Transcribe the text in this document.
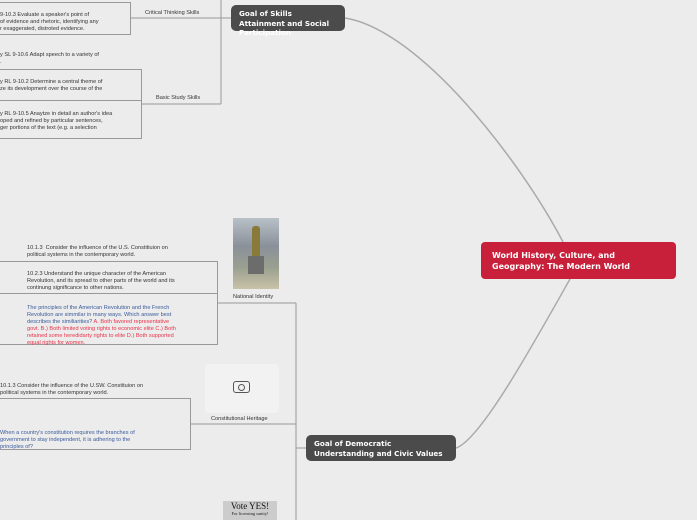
World History, Culture, and Geography: The Modern World
Goal of Skills Attainment and Social Participation
Critical Thinking Skills
9-10.3 Evaluate a speaker's point of
of evidence and rhetoric, identifying any
r exaggerated, distroted evidence.
y SL 9-10.6 Adapt speech to a variety of
.
y RL 9-10.2 Determine a central theme of
ze its development over the course of the
y RL 9-10.5 Anaytze in detail an author's idea
oped and refined by particular sentences,
ger portions of the text (e.g. a selection
Basic Study Skills
Goal of Democratic Understanding and Civic Values
National Identity
10.1.3  Consider the influence of the U.S. Constitiuion on
political systems in the contemporary world.
10.2.3 Understand the unique character of the American
Revolution, and its spread to other parts of the world and its
continung significance to other nations.
The principles of the American Revolution and the French
Revolution are simmilar in many ways. Which answer best
describes the similiarities? A. Both favored representative
govt. B.) Both limited voting rights to economic elite C.) Both
retained some heredidarty rights to elite D.) Both supported
equal rights for women.
Constitutional Heritage
10.1.3 Consider the influence of the U.SW. Constituion on
political systems in the contemporary world.
When a country's constitution requires the branches of
government to stay independent, it is adhering to the
principles of?
Vote YES!
For licensing sanity!
